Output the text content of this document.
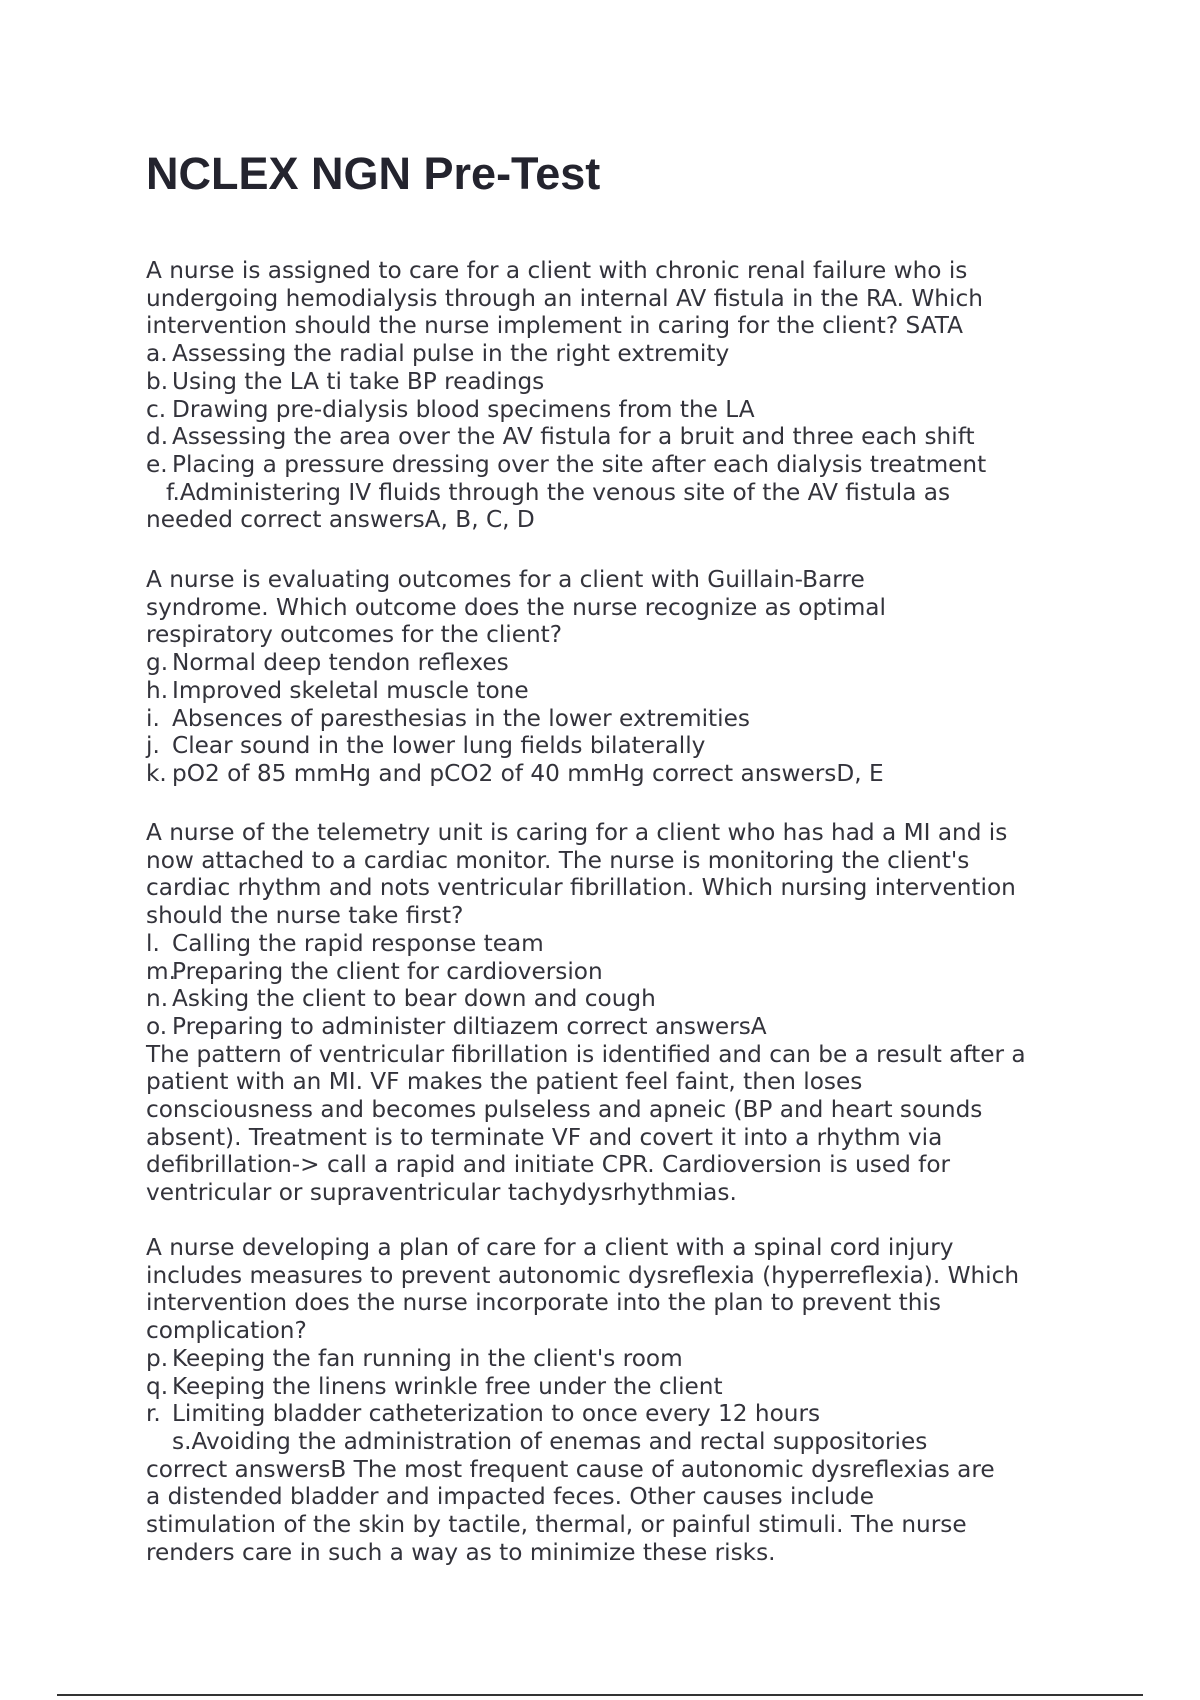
NCLEX NGN Pre-Test
A nurse is assigned to care for a client with chronic renal failure who is
undergoing hemodialysis through an internal AV fistula in the RA. Which
intervention should the nurse implement in caring for the client? SATA
a. Assessing the radial pulse in the right extremity
b. Using the LA ti take BP readings
c. Drawing pre-dialysis blood specimens from the LA
d. Assessing the area over the AV fistula for a bruit and three each shift
e. Placing a pressure dressing over the site after each dialysis treatment
f.Administering IV fluids through the venous site of the AV fistula as
needed correct answersA, B, C, D
A nurse is evaluating outcomes for a client with Guillain-Barre
syndrome. Which outcome does the nurse recognize as optimal
respiratory outcomes for the client?
g. Normal deep tendon reflexes
h. Improved skeletal muscle tone
i. Absences of paresthesias in the lower extremities
j. Clear sound in the lower lung fields bilaterally
k. pO2 of 85 mmHg and pCO2 of 40 mmHg correct answersD, E
A nurse of the telemetry unit is caring for a client who has had a MI and is
now attached to a cardiac monitor. The nurse is monitoring the client's
cardiac rhythm and nots ventricular fibrillation. Which nursing intervention
should the nurse take first?
l. Calling the rapid response team
m.Preparing the client for cardioversion
n. Asking the client to bear down and cough
o. Preparing to administer diltiazem correct answersA
The pattern of ventricular fibrillation is identified and can be a result after a
patient with an MI. VF makes the patient feel faint, then loses
consciousness and becomes pulseless and apneic (BP and heart sounds
absent). Treatment is to terminate VF and covert it into a rhythm via
defibrillation-> call a rapid and initiate CPR. Cardioversion is used for
ventricular or supraventricular tachydysrhythmias.
A nurse developing a plan of care for a client with a spinal cord injury
includes measures to prevent autonomic dysreflexia (hyperreflexia). Which
intervention does the nurse incorporate into the plan to prevent this
complication?
p. Keeping the fan running in the client's room
q. Keeping the linens wrinkle free under the client
r. Limiting bladder catheterization to once every 12 hours
s.Avoiding the administration of enemas and rectal suppositories
correct answersB The most frequent cause of autonomic dysreflexias are
a distended bladder and impacted feces. Other causes include
stimulation of the skin by tactile, thermal, or painful stimuli. The nurse
renders care in such a way as to minimize these risks.
